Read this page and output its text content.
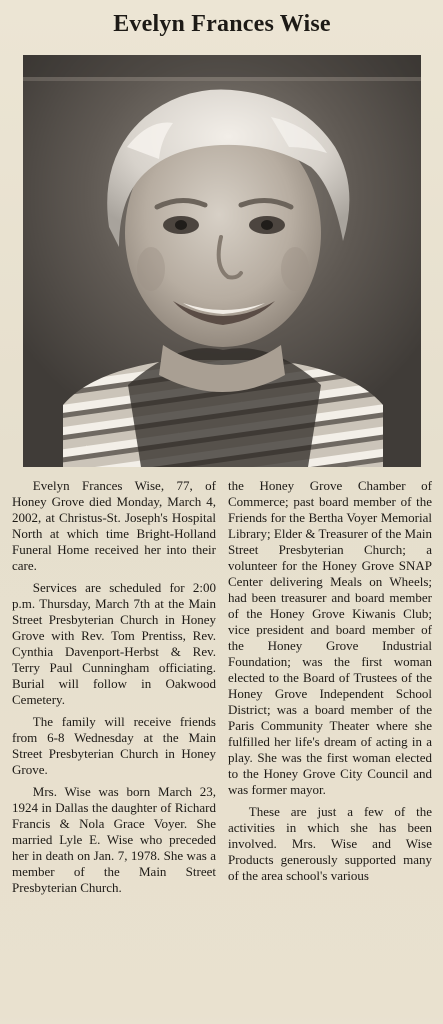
Evelyn Frances Wise

Evelyn Frances Wise, 77, of Honey Grove died Monday, March 4, 2002, at Christus-St. Joseph's Hospital North at which time Bright-Holland Funeral Home received her into their care.

Services are scheduled for 2:00 p.m. Thursday, March 7th at the Main Street Presbyterian Church in Honey Grove with Rev. Tom Prentiss, Rev. Cynthia Davenport-Herbst & Rev. Terry Paul Cunningham officiating. Burial will follow in Oakwood Cemetery.

The family will receive friends from 6-8 Wednesday at the Main Street Presbyterian Church in Honey Grove.

Mrs. Wise was born March 23, 1924 in Dallas the daughter of Richard Francis & Nola Grace Voyer. She married Lyle E. Wise who preceded her in death on Jan. 7, 1978. She was a member of the Main Street Presbyterian Church.

the Honey Grove Chamber of Commerce; past board member of the Friends for the Bertha Voyer Memorial Library; Elder & Treasurer of the Main Street Presbyterian Church; a volunteer for the Honey Grove SNAP Center delivering Meals on Wheels; had been treasurer and board member of the Honey Grove Kiwanis Club; vice president and board member of the Honey Grove Industrial Foundation; was the first woman elected to the Board of Trustees of the Honey Grove Independent School District; was a board member of the Paris Community Theater where she fulfilled her life's dream of acting in a play. She was the first woman elected to the Honey Grove City Council and was former mayor.

These are just a few of the activities in which she has been involved. Mrs. Wise and Wise Products generously supported many of the area school's various
